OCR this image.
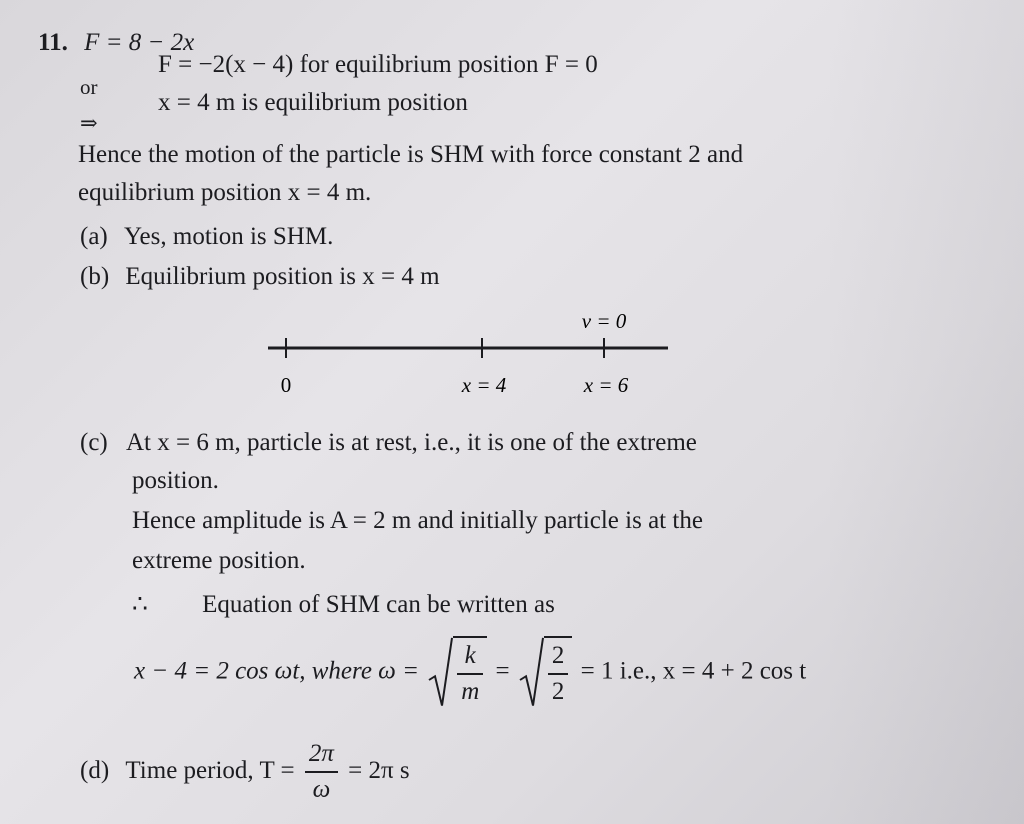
11. F = 8 − 2x
or
F = −2(x − 4) for equilibrium position F = 0
⇒
x = 4 m is equilibrium position
Hence the motion of the particle is SHM with force constant 2 and
equilibrium position x = 4 m.
(a) Yes, motion is SHM.
(b) Equilibrium position is x = 4 m
v = 0
0	x = 4	x = 6
(c) At x = 6 m, particle is at rest, i.e., it is one of the extreme
position.
Hence amplitude is A = 2 m and initially particle is at the
extreme position.
∴ Equation of SHM can be written as
x − 4 = 2 cos ωt, where $\omega = \frac{k}{m} = \frac{2}{2} = 1$ i.e., x = 4 + 2 cos t
(d) Time period, $T = \frac{2\pi}{\omega} = 2\pi$ s
